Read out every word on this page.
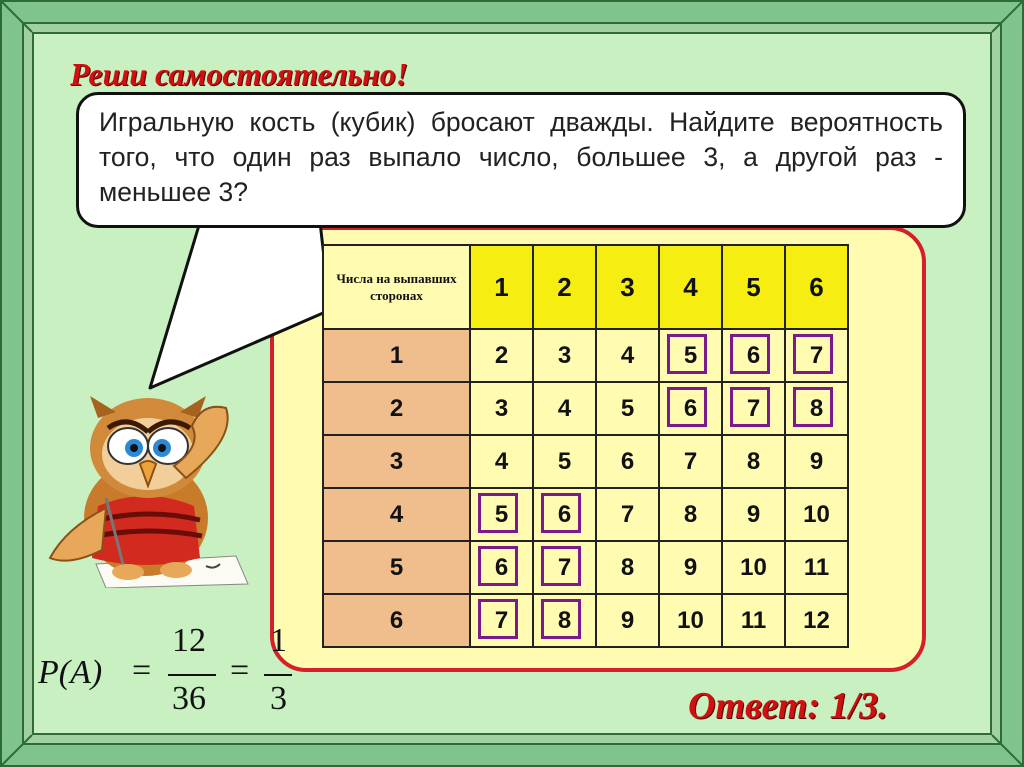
Реши самостоятельно!
Игральную кость (кубик) бросают дважды. Найдите вероятность того, что один раз выпало число, большее 3, а другой раз - меньшее 3?
Числа на выпавших сторонах	1	2	3	4	5	6
1	2	3	4	5	6	7

2	3	4	5	6	7	8

3	4	5	6	7	8	9
4	5	6	7	8	9	10
5	6	7	8	9	10	11
6	7	8	9	10	11	12
P(A) =
12
36
=
1
3	Ответ: 1/3.
